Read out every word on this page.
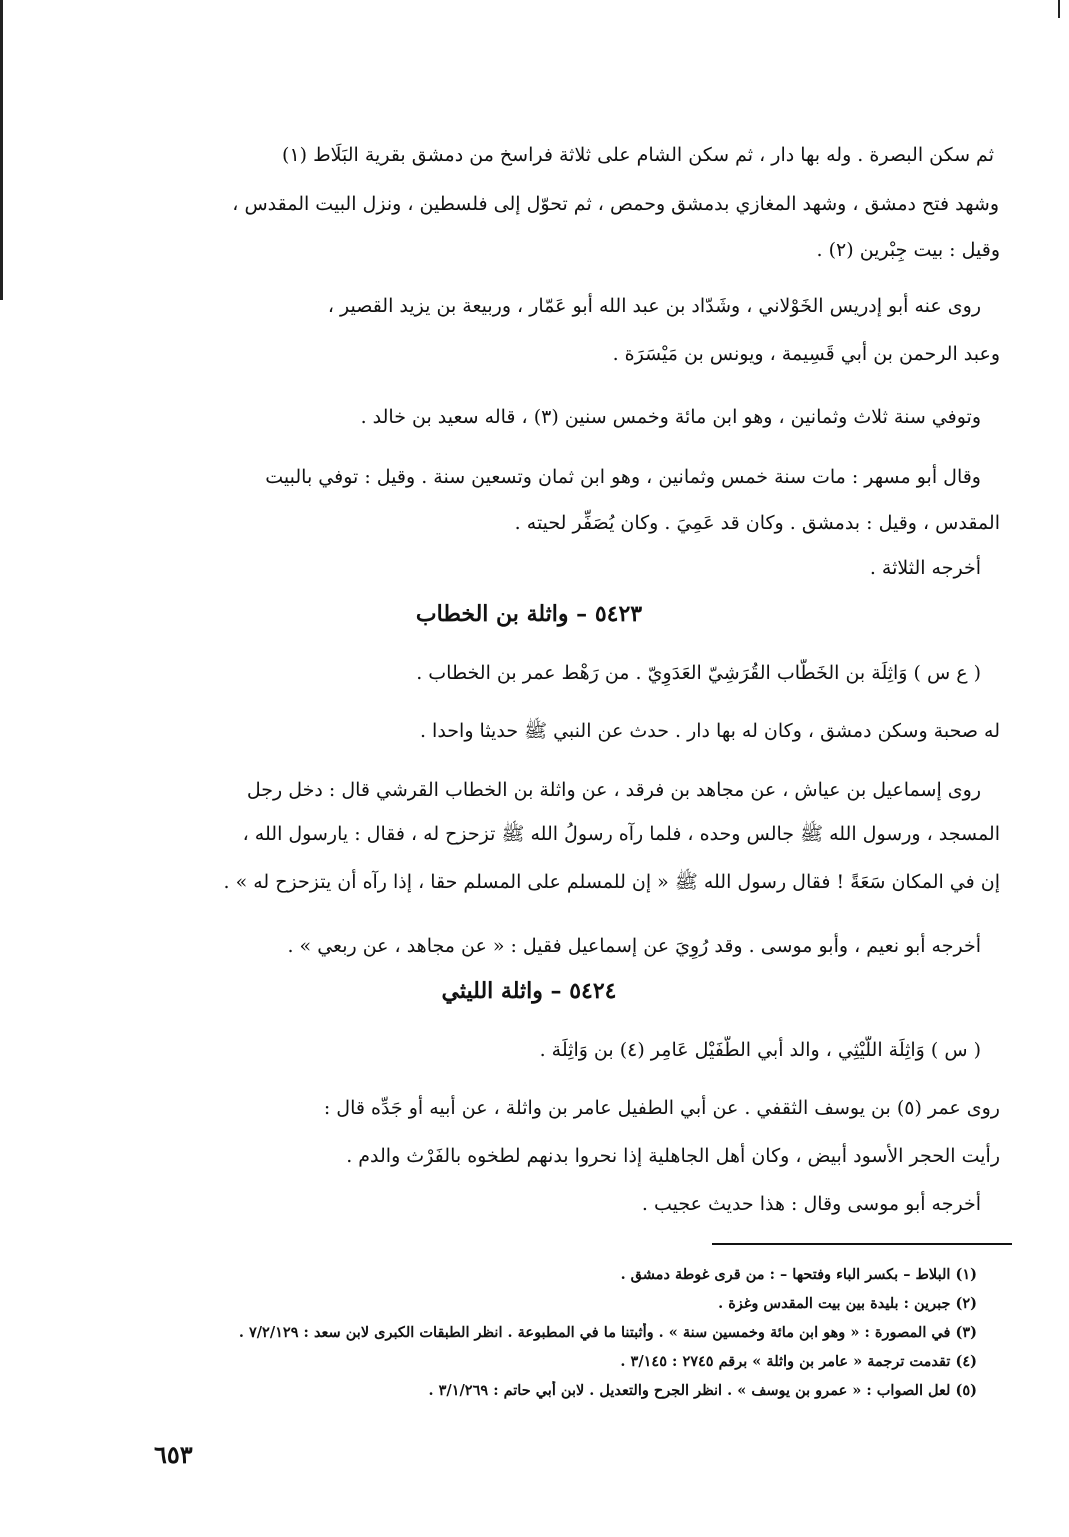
ثم سكن البصرة . وله بها دار ، ثم سكن الشام على ثلاثة فراسخ من دمشق بقرية البَلَاط (١)
وشهد فتح دمشق ، وشهد المغازي بدمشق وحمص ، ثم تحوّل إلى فلسطين ، ونزل البيت المقدس ،
وقيل : بيت جِبْرين (٢) .
روى عنه أبو إدريس الخَوْلاني ، وشَدّاد بن عبد الله أبو عَمّار ، وربيعة بن يزيد القصير ،
وعبد الرحمن بن أبي قَسِيمة ، ويونس بن مَيْسَرَة .
وتوفي سنة ثلاث وثمانين ، وهو ابن مائة وخمس سنين (٣) ، قاله سعيد بن خالد .
وقال أبو مسهر : مات سنة خمس وثمانين ، وهو ابن ثمان وتسعين سنة . وقيل : توفي بالبيت
المقدس ، وقيل : بدمشق . وكان قد عَمِيَ . وكان يُصَفِّر لحيته .
أخرجه الثلاثة .
٥٤٢٣ – واثلة بن الخطاب
( ع س ) وَاثِلَة بن الخَطَّاب القُرَشِيّ العَدَوِيّ . من رَهْط عمر بن الخطاب .
له صحبة وسكن دمشق ، وكان له بها دار . حدث عن النبي ﷺ حديثا واحدا .
روى إسماعيل بن عياش ، عن مجاهد بن فرقد ، عن واثلة بن الخطاب القرشي قال : دخل رجل
المسجد ، ورسول الله ﷺ جالس وحده ، فلما رآه رسولُ الله ﷺ تزحزح له ، فقال : يارسول الله ،
إن في المكان سَعَةً ! فقال رسول الله ﷺ « إن للمسلم على المسلم حقا ، إذا رآه أن يتزحزح له » .
أخرجه أبو نعيم ، وأبو موسى . وقد رُوِيَ عن إسماعيل فقيل : « عن مجاهد ، عن ربعي » .
٥٤٢٤ – واثلة الليثي
( س ) وَاثِلَة اللَّيْثِي ، والد أبي الطُّفَيْل عَامِر (٤) بن وَاثِلَة .
روى عمر (٥) بن يوسف الثقفي . عن أبي الطفيل عامر بن واثلة ، عن أبيه أو جَدِّه قال :
رأيت الحجر الأسود أبيض ، وكان أهل الجاهلية إذا نحروا بدنهم لطخوه بالفَرْث والدم .
أخرجه أبو موسى وقال : هذا حديث عجيب .
(١) البلاط – بكسر الباء وفتحها – : من قرى غوطة دمشق .
(٢) جبرين : بليدة بين بيت المقدس وغزة .
(٣) في المصورة : « وهو ابن مائة وخمسين سنة » . وأثبتنا ما في المطبوعة . انظر الطبقات الكبرى لابن سعد : ٧/٢/١٢٩ .
(٤) تقدمت ترجمة « عامر بن واثلة » برقم ٢٧٤٥ : ٣/١٤٥ .
(٥) لعل الصواب : « عمرو بن يوسف » . انظر الجرح والتعديل . لابن أبي حاتم : ٣/١/٢٦٩ .
٦٥٣
